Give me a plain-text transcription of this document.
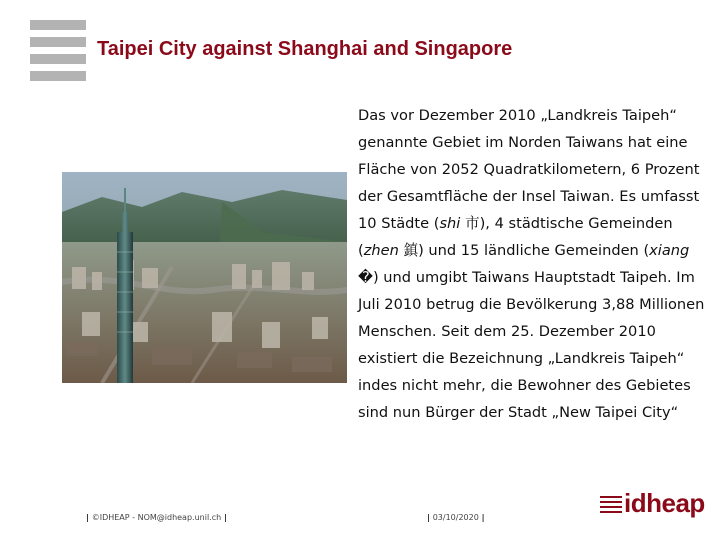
Taipei City against Shanghai and Singapore
Das vor Dezember 2010 „Landkreis Taipeh“ genannte Gebiet im Norden Taiwans hat eine Fläche von 2052 Quadratkilometern, 6 Prozent der Gesamtfläche der Insel Taiwan. Es umfasst 10 Städte (shi 市), 4 städtische Gemeinden (zhen 鎮) und 15 ländliche Gemeinden (xiang �) und umgibt Taiwans Hauptstadt Taipeh. Im Juli 2010 betrug die Bevölkerung 3,88 Millionen Menschen. Seit dem 25. Dezember 2010 existiert die Bezeichnung „Landkreis Taipeh“ indes nicht mehr, die Bewohner des Gebietes sind nun Bürger der Stadt „New Taipei City“
| ©IDHEAP - NOM@idheap.unil.ch |	| 03/10/2020 |	idheap
